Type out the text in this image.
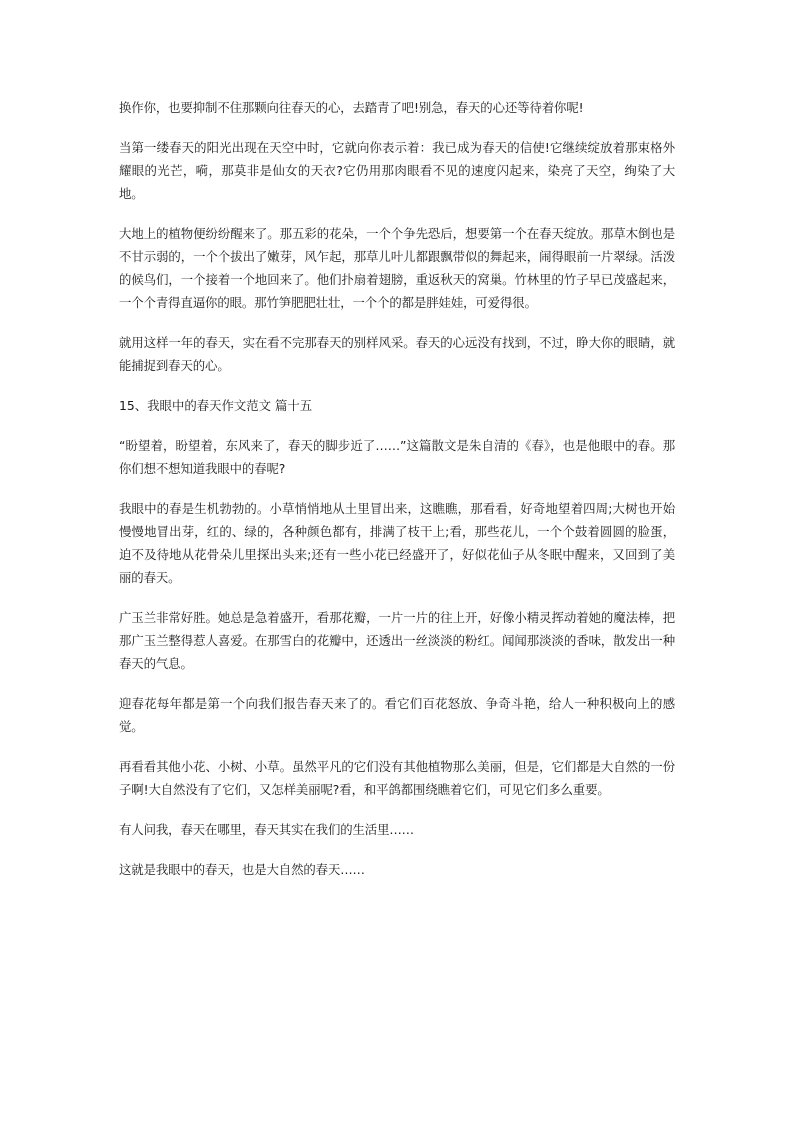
换作你，也要抑制不住那颗向往春天的心，去踏青了吧!别急，春天的心还等待着你呢!

当第一缕春天的阳光出现在天空中时，它就向你表示着：我已成为春天的信使!它继续绽放着那束格外耀眼的光芒，嗬，那莫非是仙女的天衣?它仍用那肉眼看不见的速度闪起来，染亮了天空，绚染了大地。

大地上的植物便纷纷醒来了。那五彩的花朵，一个个争先恐后，想要第一个在春天绽放。那草木倒也是不甘示弱的，一个个拔出了嫩芽，风乍起，那草儿叶儿都跟飘带似的舞起来，闹得眼前一片翠绿。活泼的候鸟们，一个接着一个地回来了。他们扑扇着翅膀，重返秋天的窝巢。竹林里的竹子早已茂盛起来，一个个青得直逼你的眼。那竹笋肥肥壮壮，一个个的都是胖娃娃，可爱得很。

就用这样一年的春天，实在看不完那春天的别样风采。春天的心远没有找到，不过，睁大你的眼睛，就能捕捉到春天的心。

15、我眼中的春天作文范文 篇十五

“盼望着，盼望着，东风来了，春天的脚步近了……”这篇散文是朱自清的《春》，也是他眼中的春。那你们想不想知道我眼中的春呢?

我眼中的春是生机勃勃的。小草悄悄地从土里冒出来，这瞧瞧，那看看，好奇地望着四周;大树也开始慢慢地冒出芽，红的、绿的，各种颜色都有，排满了枝干上;看，那些花儿，一个个鼓着圆圆的脸蛋，迫不及待地从花骨朵儿里探出头来;还有一些小花已经盛开了，好似花仙子从冬眠中醒来，又回到了美丽的春天。

广玉兰非常好胜。她总是急着盛开，看那花瓣，一片一片的往上开，好像小精灵挥动着她的魔法棒，把那广玉兰整得惹人喜爱。在那雪白的花瓣中，还透出一丝淡淡的粉红。闻闻那淡淡的香味，散发出一种春天的气息。

迎春花每年都是第一个向我们报告春天来了的。看它们百花怒放、争奇斗艳，给人一种积极向上的感觉。

再看看其他小花、小树、小草。虽然平凡的它们没有其他植物那么美丽，但是，它们都是大自然的一份子啊!大自然没有了它们，又怎样美丽呢?看，和平鸽都围绕瞧着它们，可见它们多么重要。

有人问我，春天在哪里，春天其实在我们的生活里……

这就是我眼中的春天，也是大自然的春天……
